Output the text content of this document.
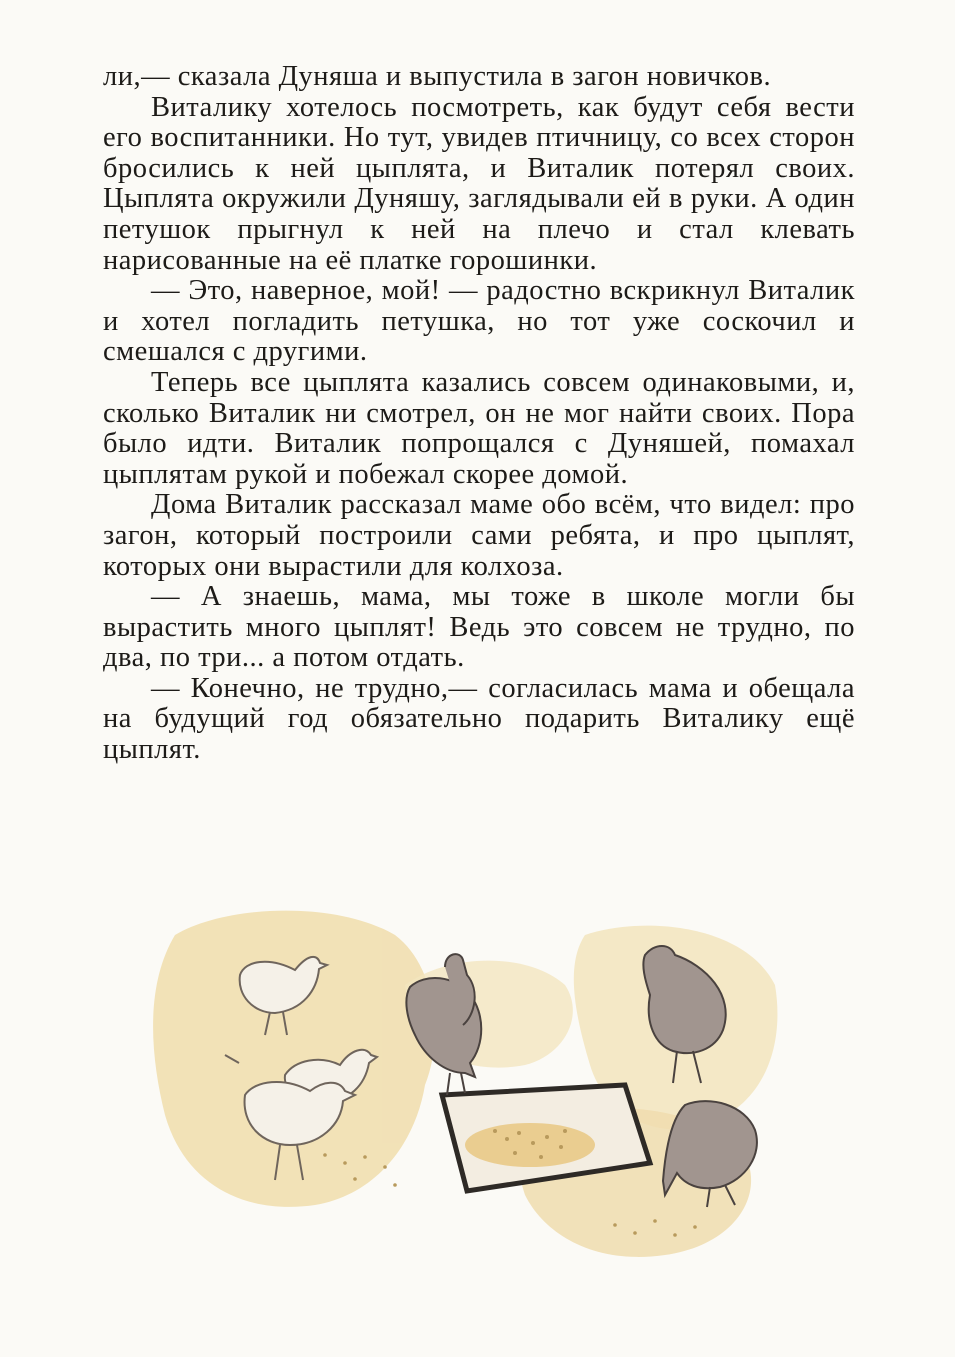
ли,— сказала Дуняша и выпустила в загон новичков.

Виталику хотелось посмотреть, как будут себя вести его воспитанники. Но тут, увидев птичницу, со всех сторон бросились к ней цыплята, и Виталик потерял своих. Цыплята окружили Дуняшу, заглядывали ей в руки. А один петушок прыгнул к ней на плечо и стал клевать нарисованные на её платке горошинки.

— Это, наверное, мой! — радостно вскрикнул Виталик и хотел погладить петушка, но тот уже соскочил и смешался с другими.

Теперь все цыплята казались совсем одинаковыми, и, сколько Виталик ни смотрел, он не мог найти своих. Пора было идти. Виталик попрощался с Дуняшей, помахал цыплятам рукой и побежал скорее домой.

Дома Виталик рассказал маме обо всём, что видел: про загон, который построили сами ребята, и про цыплят, которых они вырастили для колхоза.

— А знаешь, мама, мы тоже в школе могли бы вырастить много цыплят! Ведь это совсем не трудно, по два, по три... а потом отдать.

— Конечно, не трудно,— согласилась мама и обещала на будущий год обязательно подарить Виталику ещё цыплят.
